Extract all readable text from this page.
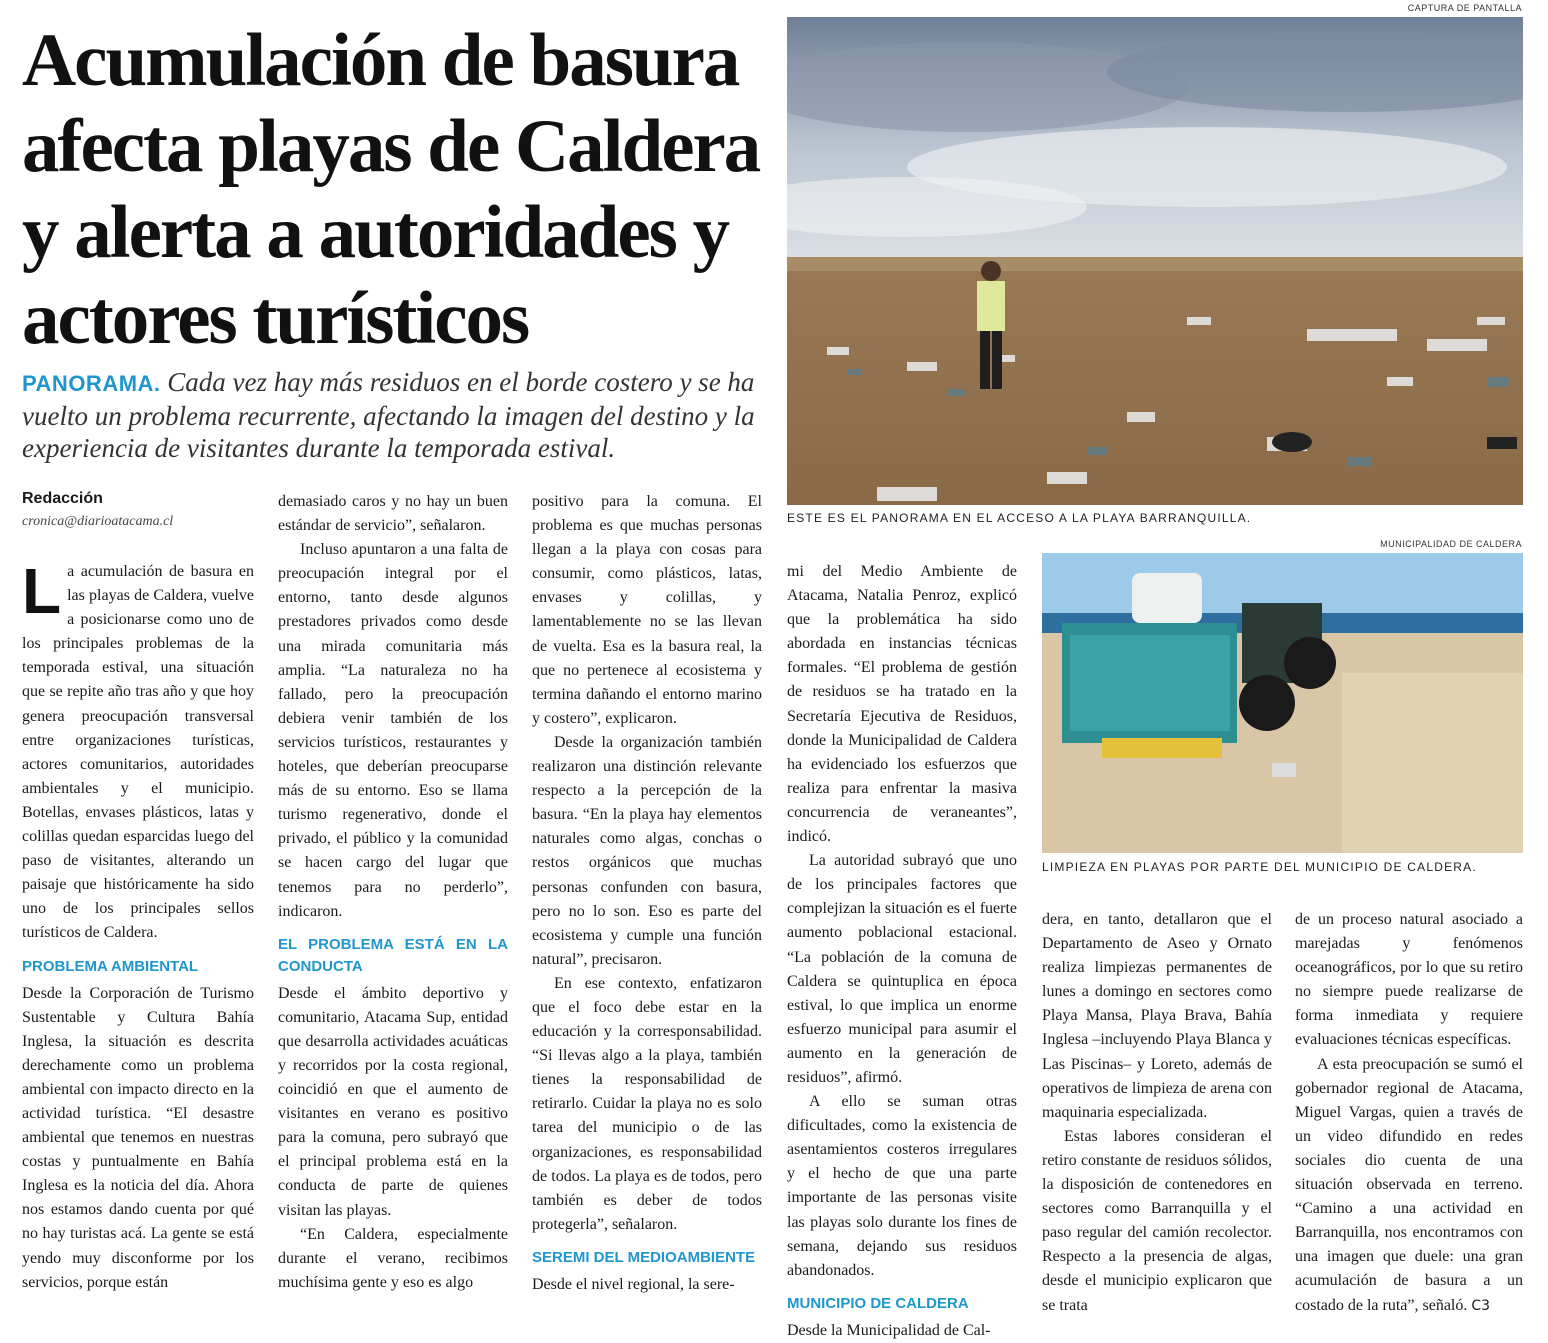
Acumulación de basura afecta playas de Caldera y alerta a autoridades y actores turísticos

PANORAMA. Cada vez hay más residuos en el borde costero y se ha vuelto un problema recurrente, afectando la imagen del destino y la experiencia de visitantes durante la temporada estival.

Redacción
cronica@diarioatacama.cl
CAPTURA DE PANTALLA
ESTE ES EL PANORAMA EN EL ACCESO A LA PLAYA BARRANQUILLA.
MUNICIPALIDAD DE CALDERA
LIMPIEZA EN PLAYAS POR PARTE DEL MUNICIPIO DE CALDERA.

La acumulación de basura en las playas de Caldera, vuelve a posicionarse como uno de los principales problemas de la temporada estival, una situación que se repite año tras año y que hoy genera preocupación transversal entre organizaciones turísticas, actores comunitarios, autoridades ambientales y el municipio. Botellas, envases plásticos, latas y colillas quedan esparcidas luego del paso de visitantes, alterando un paisaje que históricamente ha sido uno de los principales sellos turísticos de Caldera.

PROBLEMA AMBIENTAL

Desde la Corporación de Turismo Sustentable y Cultura Bahía Inglesa, la situación es descrita derechamente como un problema ambiental con impacto directo en la actividad turística. “El desastre ambiental que tenemos en nuestras costas y puntualmente en Bahía Inglesa es la noticia del día. Ahora nos estamos dando cuenta por qué no hay turistas acá. La gente se está yendo muy disconforme por los servicios, porque están

demasiado caros y no hay un buen estándar de servicio”, señalaron.

Incluso apuntaron a una falta de preocupación integral por el entorno, tanto desde algunos prestadores privados como desde una mirada comunitaria más amplia. “La naturaleza no ha fallado, pero la preocupación debiera venir también de los servicios turísticos, restaurantes y hoteles, que deberían preocuparse más de su entorno. Eso se llama turismo regenerativo, donde el privado, el público y la comunidad se hacen cargo del lugar que tenemos para no perderlo”, indicaron.

EL PROBLEMA ESTÁ EN LA CONDUCTA

Desde el ámbito deportivo y comunitario, Atacama Sup, entidad que desarrolla actividades acuáticas y recorridos por la costa regional, coincidió en que el aumento de visitantes en verano es positivo para la comuna, pero subrayó que el principal problema está en la conducta de parte de quienes visitan las playas.

“En Caldera, especialmente durante el verano, recibimos muchísima gente y eso es algo

positivo para la comuna. El problema es que muchas personas llegan a la playa con cosas para consumir, como plásticos, latas, envases y colillas, y lamentablemente no se las llevan de vuelta. Esa es la basura real, la que no pertenece al ecosistema y termina dañando el entorno marino y costero”, explicaron.

Desde la organización también realizaron una distinción relevante respecto a la percepción de la basura. “En la playa hay elementos naturales como algas, conchas o restos orgánicos que muchas personas confunden con basura, pero no lo son. Eso es parte del ecosistema y cumple una función natural”, precisaron.

En ese contexto, enfatizaron que el foco debe estar en la educación y la corresponsabilidad. “Si llevas algo a la playa, también tienes la responsabilidad de retirarlo. Cuidar la playa no es solo tarea del municipio o de las organizaciones, es responsabilidad de todos. La playa es de todos, pero también es deber de todos protegerla”, señalaron.

SEREMI DEL MEDIOAMBIENTE

Desde el nivel regional, la sere-

mi del Medio Ambiente de Atacama, Natalia Penroz, explicó que la problemática ha sido abordada en instancias técnicas formales. “El problema de gestión de residuos se ha tratado en la Secretaría Ejecutiva de Residuos, donde la Municipalidad de Caldera ha evidenciado los esfuerzos que realiza para enfrentar la masiva concurrencia de veraneantes”, indicó.

La autoridad subrayó que uno de los principales factores que complejizan la situación es el fuerte aumento poblacional estacional. “La población de la comuna de Caldera se quintuplica en época estival, lo que implica un enorme esfuerzo municipal para asumir el aumento en la generación de residuos”, afirmó.

A ello se suman otras dificultades, como la existencia de asentamientos costeros irregulares y el hecho de que una parte importante de las personas visite las playas solo durante los fines de semana, dejando sus residuos abandonados.

MUNICIPIO DE CALDERA

Desde la Municipalidad de Cal-

dera, en tanto, detallaron que el Departamento de Aseo y Ornato realiza limpiezas permanentes de lunes a domingo en sectores como Playa Mansa, Playa Brava, Bahía Inglesa –incluyendo Playa Blanca y Las Piscinas– y Loreto, además de operativos de limpieza de arena con maquinaria especializada.

Estas labores consideran el retiro constante de residuos sólidos, la disposición de contenedores en sectores como Barranquilla y el paso regular del camión recolector. Respecto a la presencia de algas, desde el municipio explicaron que se trata

de un proceso natural asociado a marejadas y fenómenos oceanográficos, por lo que su retiro no siempre puede realizarse de forma inmediata y requiere evaluaciones técnicas específicas.

A esta preocupación se sumó el gobernador regional de Atacama, Miguel Vargas, quien a través de un video difundido en redes sociales dio cuenta de una situación observada en terreno. “Camino a una actividad en Barranquilla, nos encontramos con una imagen que duele: una gran acumulación de basura a un costado de la ruta”, señaló. C3
